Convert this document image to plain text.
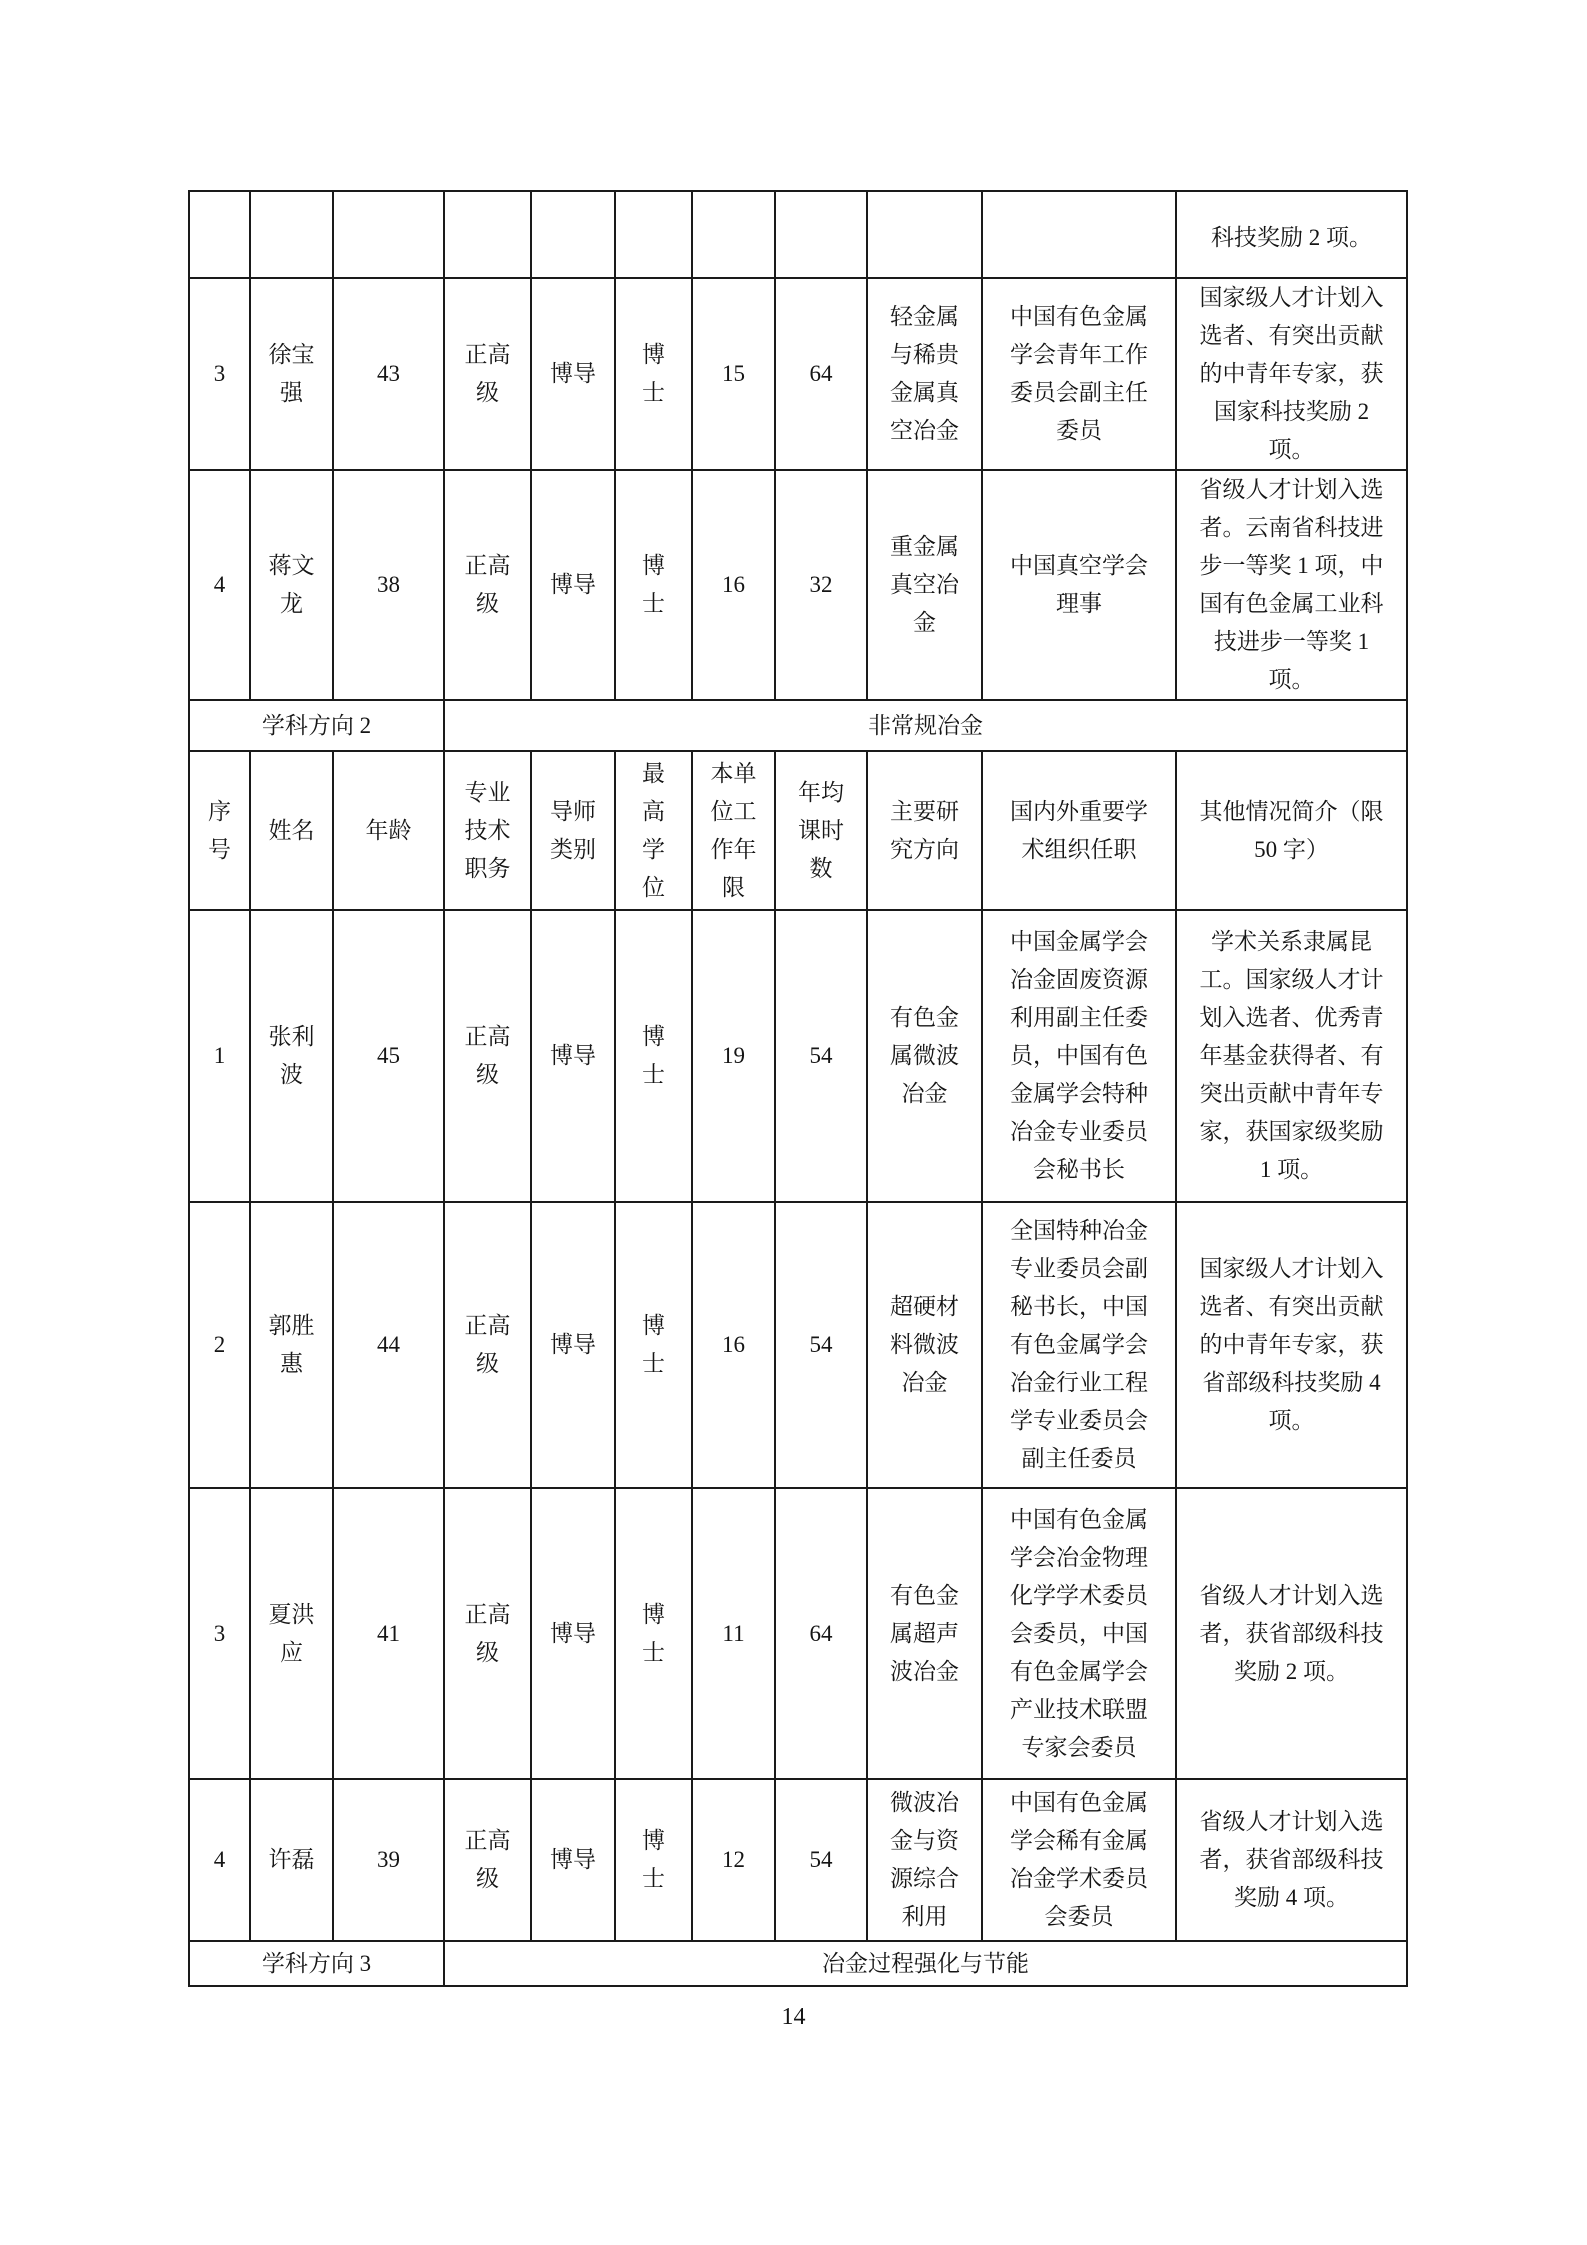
										科技奖励 2 项。
3	徐宝强	43	正高级	博导	博士	15	64	轻金属与稀贵金属真空冶金	中国有色金属学会青年工作委员会副主任委员	国家级人才计划入选者、有突出贡献的中青年专家，获国家科技奖励 2 项。
4	蒋文龙	38	正高级	博导	博士	16	32	重金属真空冶金	中国真空学会理事	省级人才计划入选者。云南省科技进步一等奖 1 项，中国有色金属工业科技进步一等奖 1 项。
学科方向 2			非常规冶金							
序号	姓名	年龄	专业技术职务	导师类别	最高学位	本单位工作年限	年均课时数	主要研究方向	国内外重要学术组织任职	其他情况简介（限 50 字）
1	张利波	45	正高级	博导	博士	19	54	有色金属微波冶金	中国金属学会冶金固废资源利用副主任委员，中国有色金属学会特种冶金专业委员会秘书长	学术关系隶属昆工。国家级人才计划入选者、优秀青年基金获得者、有突出贡献中青年专家，获国家级奖励 1 项。
2	郭胜惠	44	正高级	博导	博士	16	54	超硬材料微波冶金	全国特种冶金专业委员会副秘书长，中国有色金属学会冶金行业工程学专业委员会副主任委员	国家级人才计划入选者、有突出贡献的中青年专家，获省部级科技奖励 4 项。
3	夏洪应	41	正高级	博导	博士	11	64	有色金属超声波冶金	中国有色金属学会冶金物理化学学术委员会委员，中国有色金属学会产业技术联盟专家会委员	省级人才计划入选者，获省部级科技奖励 2 项。
4	许磊	39	正高级	博导	博士	12	54	微波冶金与资源综合利用	中国有色金属学会稀有金属冶金学术委员会委员	省级人才计划入选者，获省部级科技奖励 4 项。
学科方向 3			冶金过程强化与节能							
14
